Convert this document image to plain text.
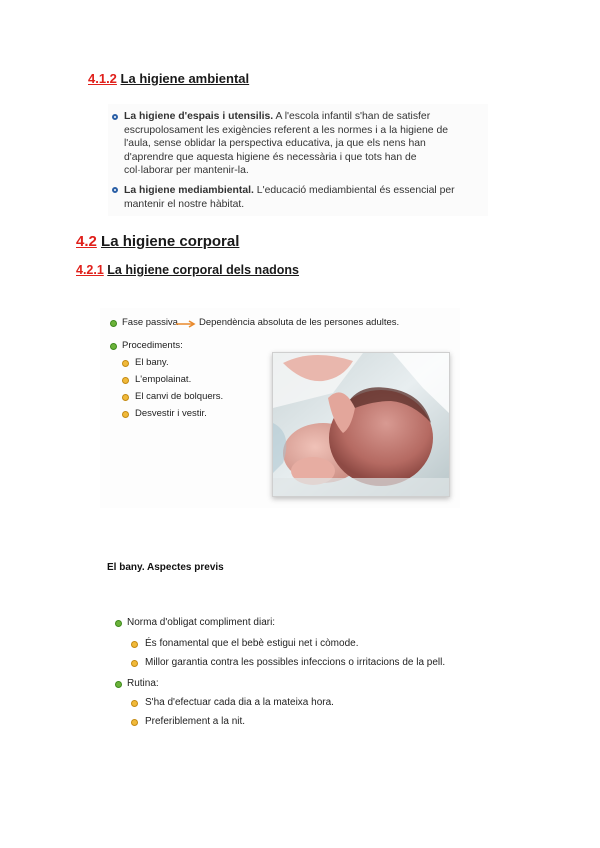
4.1.2 La higiene ambiental
La higiene d'espais i utensilis. A l'escola infantil s'han de satisfer escrupolosament les exigències referent a les normes i a la higiene de l'aula, sense oblidar la perspectiva educativa, ja que els nens han d'aprendre que aquesta higiene és necessària i que tots han de col·laborar per mantenir-la.
La higiene mediambiental. L'educació mediambiental és essencial per mantenir el nostre hàbitat.
4.2 La higiene corporal
4.2.1 La higiene corporal dels nadons
Fase passiva Dependència absoluta de les persones adultes.
Procediments:
El bany.
L'empolainat.
El canvi de bolquers.
Desvestir i vestir.
El bany. Aspectes previs
Norma d'obligat compliment diari:
És fonamental que el bebè estigui net i còmode.
Millor garantia contra les possibles infeccions o irritacions de la pell.
Rutina:
S'ha d'efectuar cada dia a la mateixa hora.
Preferiblement a la nit.
